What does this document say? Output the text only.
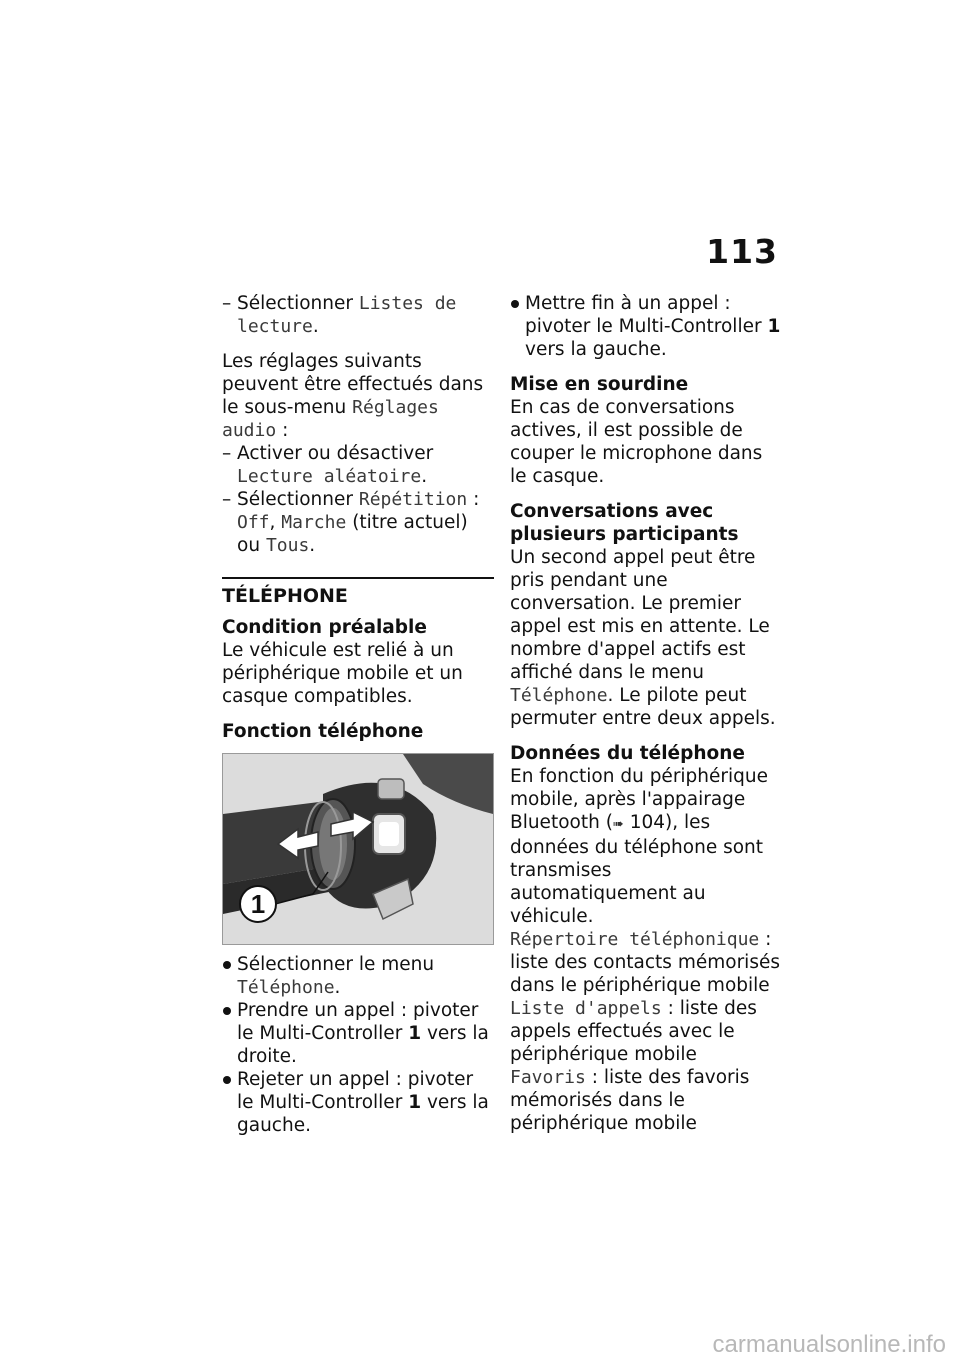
113
– Sélectionner Listes de lecture.

Les réglages suivants peuvent être effectués dans le sous-menu Réglages audio :

– Activer ou désactiver Lecture aléatoire.
– Sélectionner Répétition : Off, Marche (titre actuel) ou Tous.
TÉLÉPHONE
Condition préalable

Le véhicule est relié à un périphérique mobile et un casque compatibles.

Fonction téléphone
1
Sélectionner le menu Téléphone.
Prendre un appel : pivoter le Multi-Controller 1 vers la droite.
Rejeter un appel : pivoter le Multi-Controller 1 vers la gauche.
Mettre fin à un appel : pivoter le Multi-Controller 1 vers la gauche.
Mise en sourdine

En cas de conversations actives, il est possible de couper le microphone dans le casque.

Conversations avec plusieurs participants

Un second appel peut être pris pendant une conversation. Le premier appel est mis en attente. Le nombre d'appel actifs est affiché dans le menu Téléphone. Le pilote peut permuter entre deux appels.

Données du téléphone

En fonction du périphérique mobile, après l'appairage Bluetooth (➠ 104), les données du téléphone sont transmises automatiquement au véhicule.

Répertoire téléphonique : liste des contacts mémorisés dans le périphérique mobile
Liste d'appels : liste des appels effectués avec le périphérique mobile
Favoris : liste des favoris mémorisés dans le périphérique mobile
carmanualsonline.info
